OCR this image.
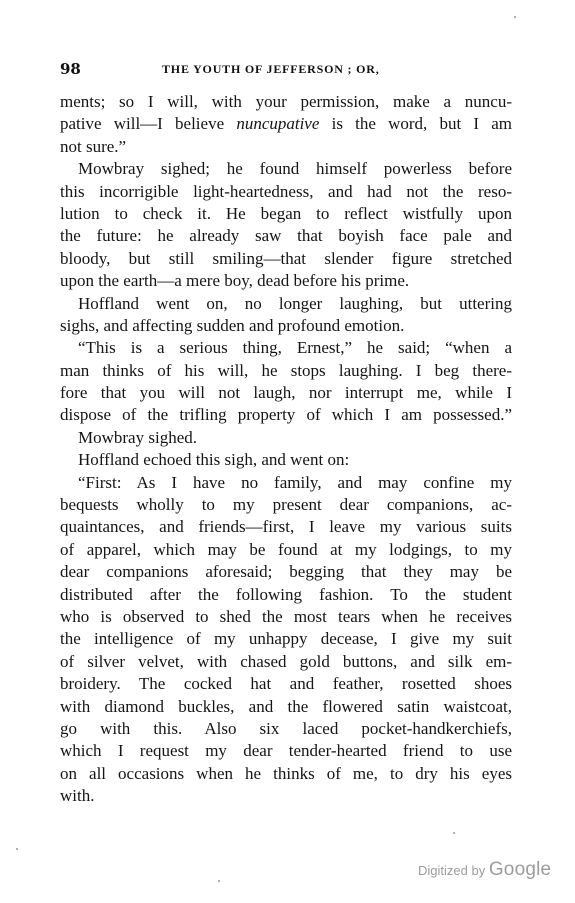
98	THE YOUTH OF JEFFERSON ; OR,
ments; so I will, with your permission, make a nuncu-
pative will—I believe nuncupative is the word, but I am
not sure.”
Mowbray sighed; he found himself powerless before
this incorrigible light-heartedness, and had not the reso-
lution to check it. He began to reflect wistfully upon
the future: he already saw that boyish face pale and
bloody, but still smiling—that slender figure stretched
upon the earth—a mere boy, dead before his prime.
Hoffland went on, no longer laughing, but uttering
sighs, and affecting sudden and profound emotion.
“This is a serious thing, Ernest,” he said; “when a
man thinks of his will, he stops laughing. I beg there-
fore that you will not laugh, nor interrupt me, while I
dispose of the trifling property of which I am possessed.”
Mowbray sighed.
Hoffland echoed this sigh, and went on:
“First: As I have no family, and may confine my
bequests wholly to my present dear companions, ac-
quaintances, and friends—first, I leave my various suits
of apparel, which may be found at my lodgings, to my
dear companions aforesaid; begging that they may be
distributed after the following fashion. To the student
who is observed to shed the most tears when he receives
the intelligence of my unhappy decease, I give my suit
of silver velvet, with chased gold buttons, and silk em-
broidery. The cocked hat and feather, rosetted shoes
with diamond buckles, and the flowered satin waistcoat,
go with this. Also six laced pocket-handkerchiefs,
which I request my dear tender-hearted friend to use
on all occasions when he thinks of me, to dry his eyes
with.
Digitized by Google
